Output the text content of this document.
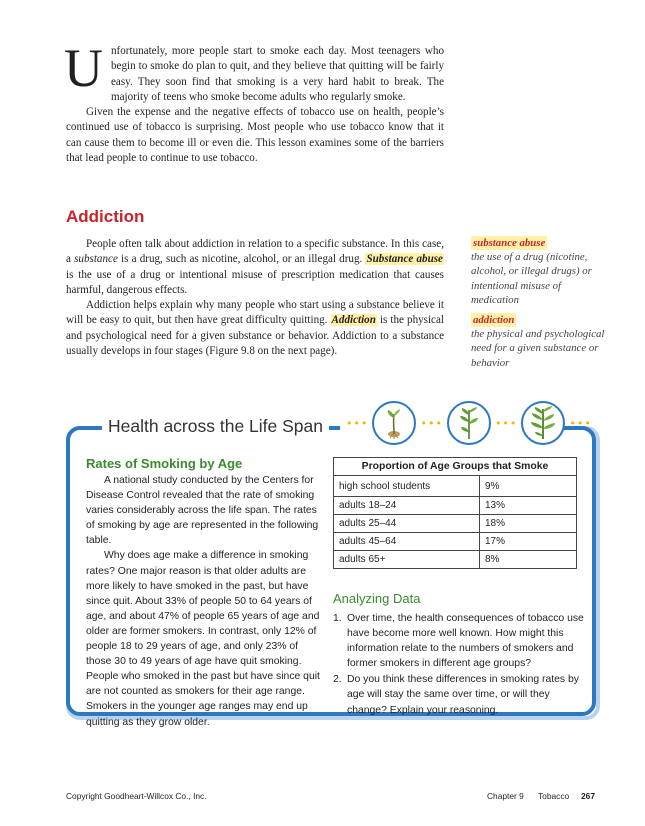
Unfortunately, more people start to smoke each day. Most teenagers who begin to smoke do plan to quit, and they believe that quitting will be fairly easy. They soon find that smoking is a very hard habit to break. The majority of teens who smoke become adults who regularly smoke.

Given the expense and the negative effects of tobacco use on health, people’s continued use of tobacco is surprising. Most people who use tobacco know that it can cause them to become ill or even die. This lesson examines some of the barriers that lead people to continue to use tobacco.

Addiction

People often talk about addiction in relation to a specific substance. In this case, a substance is a drug, such as nicotine, alcohol, or an illegal drug. Substance abuse is the use of a drug or intentional misuse of prescription medication that causes harmful, dangerous effects.

Addiction helps explain why many people who start using a substance believe it will be easy to quit, but then have great difficulty quitting. Addiction is the physical and psychological need for a given substance or behavior. Addiction to a substance usually develops in four stages (Figure 9.8 on the next page).

substance abuse
the use of a drug (nicotine, alcohol, or illegal drugs) or intentional misuse of medication
addiction
the physical and psychological need for a given substance or behavior
Health across the Life Span •••	•••	•••	•••
Rates of Smoking by Age

A national study conducted by the Centers for Disease Control revealed that the rate of smoking varies considerably across the life span. The rates of smoking by age are represented in the following table.

Why does age make a difference in smoking rates? One major reason is that older adults are more likely to have smoked in the past, but have since quit. About 33% of people 50 to 64 years of age, and about 47% of people 65 years of age and older are former smokers. In contrast, only 12% of people 18 to 29 years of age, and only 23% of those 30 to 49 years of age have quit smoking. People who smoked in the past but have since quit are not counted as smokers for their age range. Smokers in the younger age ranges may end up quitting as they grow older.

Proportion of Age Groups that Smoke	
high school students	9%
adults 18–24	13%
adults 25–44	18%
adults 45–64	17%
adults 65+	8%
Analyzing Data
1. Over time, the health consequences of tobacco use have become more well known. How might this information relate to the numbers of smokers and former smokers in different age groups?
2. Do you think these differences in smoking rates by age will stay the same over time, or will they change? Explain your reasoning.
Copyright Goodheart-Willcox Co., Inc.	Chapter 9 Tobacco 267
